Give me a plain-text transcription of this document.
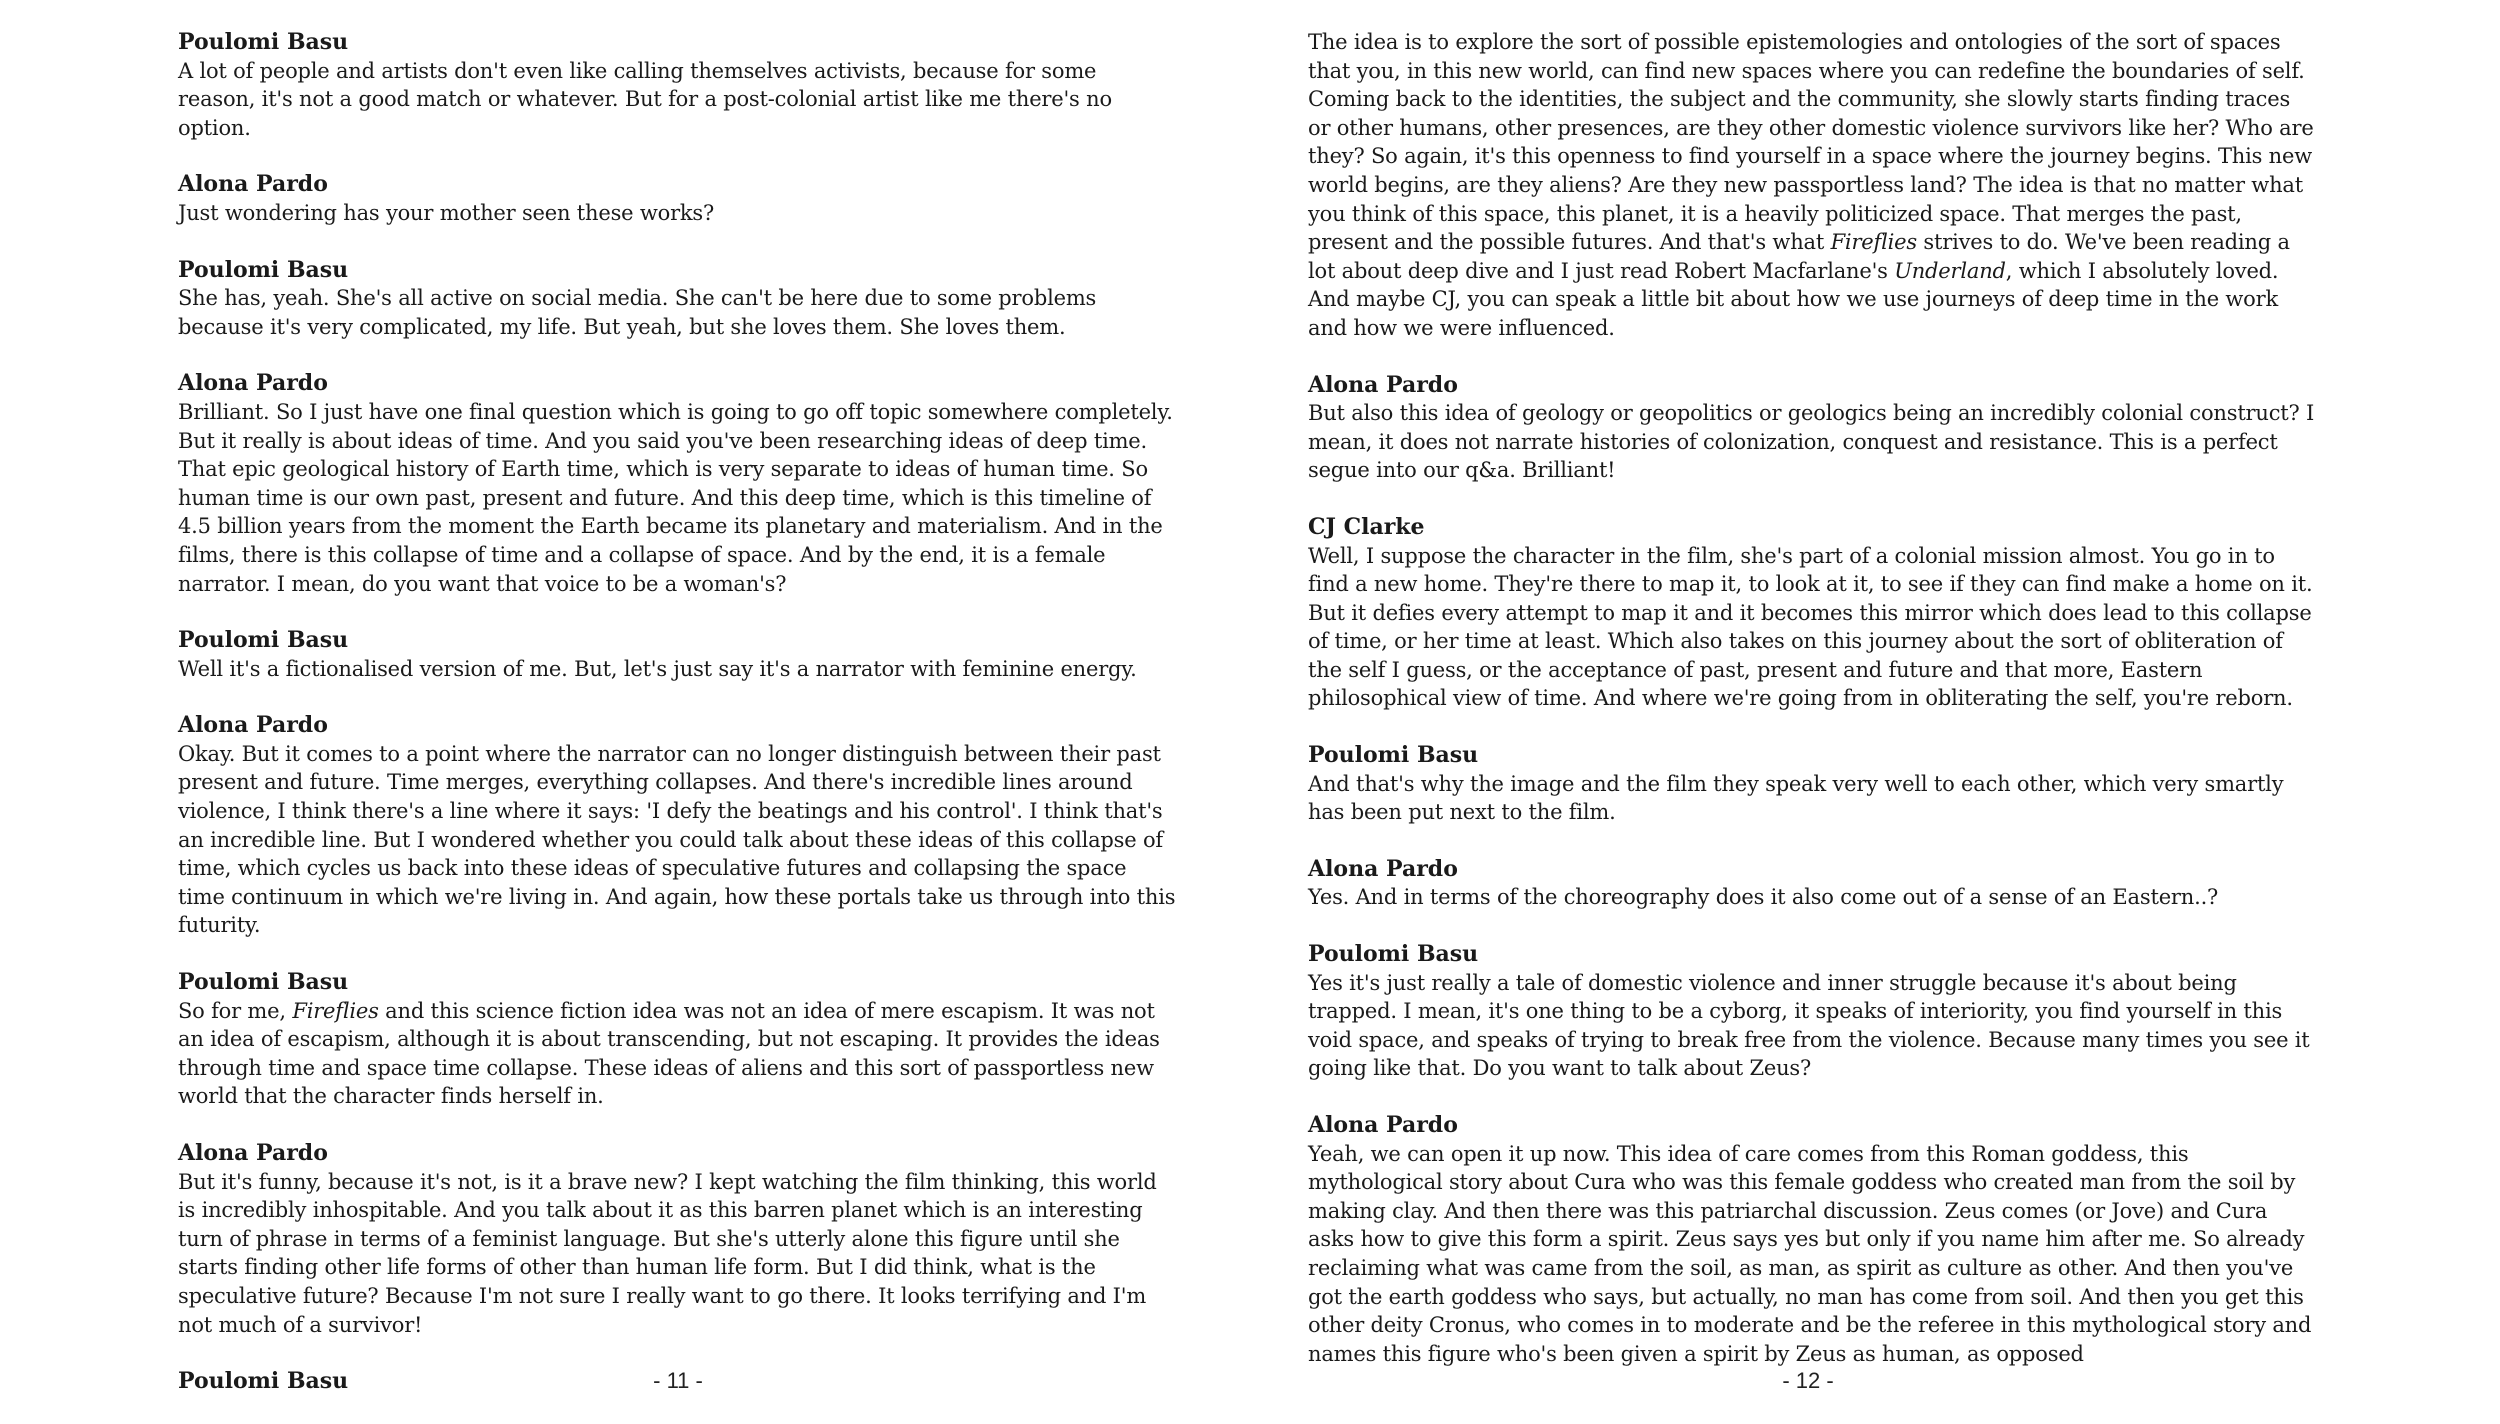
Poulomi Basu
A lot of people and artists don't even like calling themselves activists, because for some reason, it's not a good match or whatever. But for a post-colonial artist like me there's no option.
Alona Pardo
Just wondering has your mother seen these works?
Poulomi Basu
She has, yeah. She's all active on social media. She can't be here due to some problems because it's very complicated, my life. But yeah, but she loves them. She loves them.
Alona Pardo
Brilliant. So I just have one final question which is going to go off topic somewhere completely. But it really is about ideas of time. And you said you've been researching ideas of deep time. That epic geological history of Earth time, which is very separate to ideas of human time. So human time is our own past, present and future. And this deep time, which is this timeline of 4.5 billion years from the moment the Earth became its planetary and materialism. And in the films, there is this collapse of time and a collapse of space. And by the end, it is a female narrator. I mean, do you want that voice to be a woman's?
Poulomi Basu
Well it's a fictionalised version of me. But, let's just say it's a narrator with feminine energy.
Alona Pardo
Okay. But it comes to a point where the narrator can no longer distinguish between their past present and future. Time merges, everything collapses. And there's incredible lines around violence, I think there's a line where it says: 'I defy the beatings and his control'. I think that's an incredible line. But I wondered whether you could talk about these ideas of this collapse of time, which cycles us back into these ideas of speculative futures and collapsing the space time continuum in which we're living in. And again, how these portals take us through into this futurity.
Poulomi Basu
So for me, Fireflies and this science fiction idea was not an idea of mere escapism. It was not an idea of escapism, although it is about transcending, but not escaping. It provides the ideas through time and space time collapse. These ideas of aliens and this sort of passportless new world that the character finds herself in.
Alona Pardo
But it's funny, because it's not, is it a brave new? I kept watching the film thinking, this world is incredibly inhospitable. And you talk about it as this barren planet which is an interesting turn of phrase in terms of a feminist language. But she's utterly alone this figure until she starts finding other life forms of other than human life form. But I did think, what is the speculative future? Because I'm not sure I really want to go there. It looks terrifying and I'm not much of a survivor!
Poulomi Basu	- 11 -
The idea is to explore the sort of possible epistemologies and ontologies of the sort of spaces that you, in this new world, can find new spaces where you can redefine the boundaries of self. Coming back to the identities, the subject and the community, she slowly starts finding traces or other humans, other presences, are they other domestic violence survivors like her? Who are they? So again, it's this openness to find yourself in a space where the journey begins. This new world begins, are they aliens? Are they new passportless land? The idea is that no matter what you think of this space, this planet, it is a heavily politicized space. That merges the past, present and the possible futures. And that's what Fireflies strives to do. We've been reading a lot about deep dive and I just read Robert Macfarlane's Underland, which I absolutely loved. And maybe CJ, you can speak a little bit about how we use journeys of deep time in the work and how we were influenced.
Alona Pardo
But also this idea of geology or geopolitics or geologics being an incredibly colonial construct? I mean, it does not narrate histories of colonization, conquest and resistance. This is a perfect segue into our q&a. Brilliant!
CJ Clarke
Well, I suppose the character in the film, she's part of a colonial mission almost. You go in to find a new home. They're there to map it, to look at it, to see if they can find make a home on it. But it defies every attempt to map it and it becomes this mirror which does lead to this collapse of time, or her time at least. Which also takes on this journey about the sort of obliteration of the self I guess, or the acceptance of past, present and future and that more, Eastern philosophical view of time. And where we're going from in obliterating the self, you're reborn.
Poulomi Basu
And that's why the image and the film they speak very well to each other, which very smartly has been put next to the film.
Alona Pardo
Yes. And in terms of the choreography does it also come out of a sense of an Eastern..?
Poulomi Basu
Yes it's just really a tale of domestic violence and inner struggle because it's about being trapped. I mean, it's one thing to be a cyborg, it speaks of interiority, you find yourself in this void space, and speaks of trying to break free from the violence. Because many times you see it going like that. Do you want to talk about Zeus?
Alona Pardo
Yeah, we can open it up now. This idea of care comes from this Roman goddess, this mythological story about Cura who was this female goddess who created man from the soil by making clay. And then there was this patriarchal discussion. Zeus comes (or Jove) and Cura asks how to give this form a spirit. Zeus says yes but only if you name him after me. So already reclaiming what was came from the soil, as man, as spirit as culture as other. And then you've got the earth goddess who says, but actually, no man has come from soil. And then you get this other deity Cronus, who comes in to moderate and be the referee in this mythological story and names this figure who's been given a spirit by Zeus as human, as opposed
- 12 -
